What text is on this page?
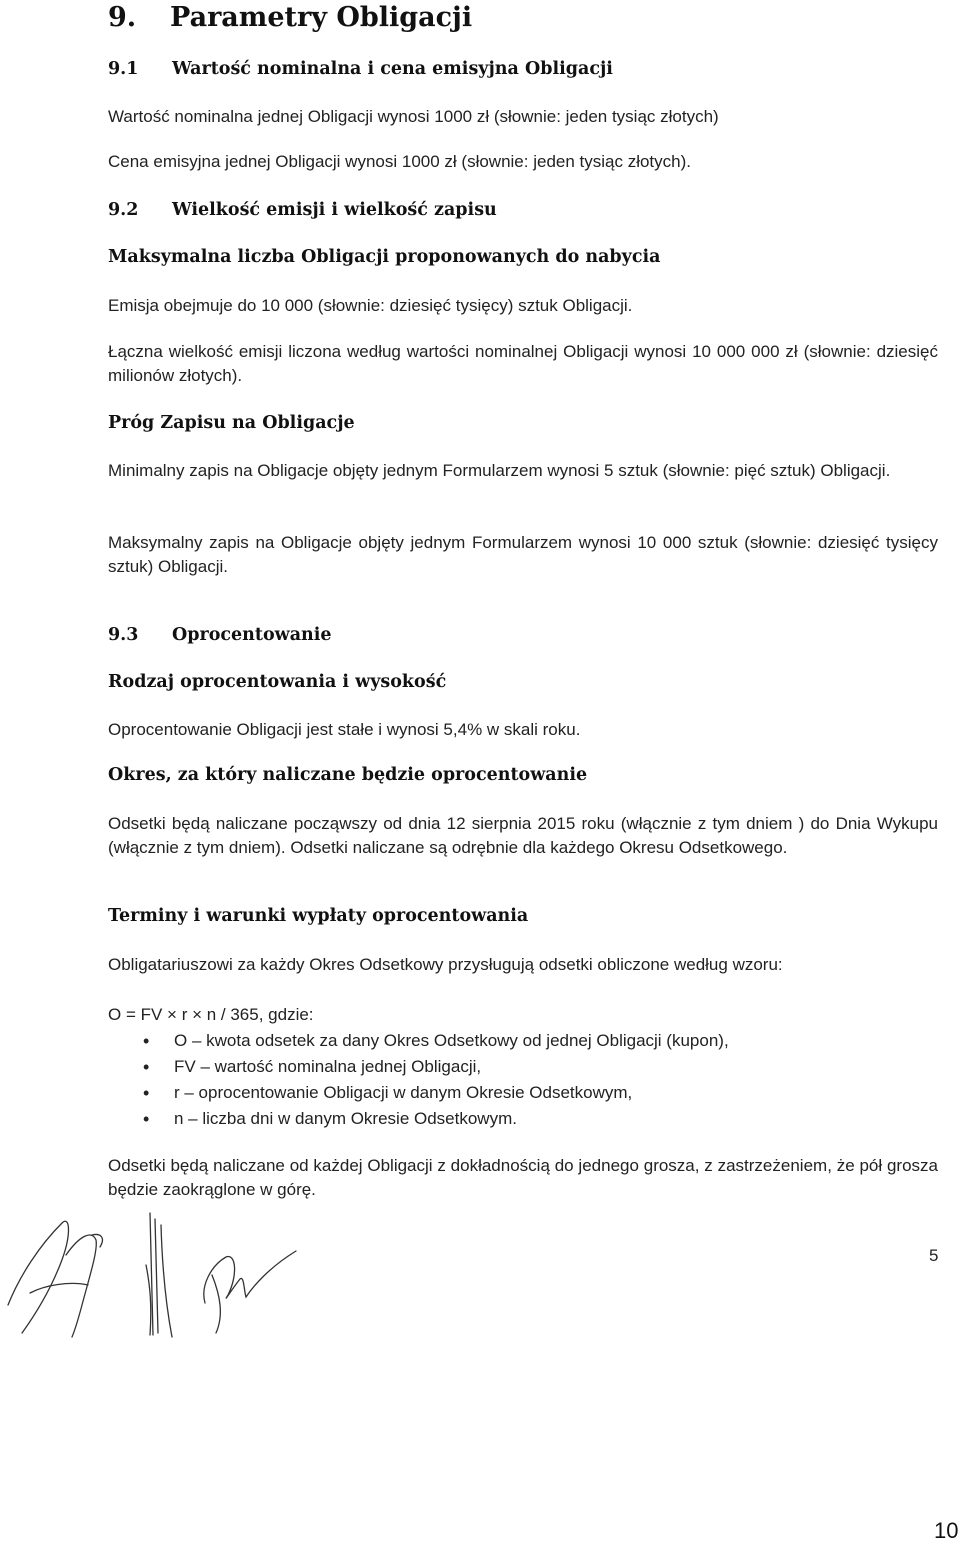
9. Parametry Obligacji
9.1 Wartość nominalna i cena emisyjna Obligacji

Wartość nominalna jednej Obligacji wynosi 1000 zł (słownie: jeden tysiąc złotych)

Cena emisyjna jednej Obligacji wynosi 1000 zł (słownie: jeden tysiąc złotych).

9.2 Wielkość emisji i wielkość zapisu
Maksymalna liczba Obligacji proponowanych do nabycia

Emisja obejmuje do 10 000 (słownie: dziesięć tysięcy) sztuk Obligacji.

Łączna wielkość emisji liczona według wartości nominalnej Obligacji wynosi 10 000 000 zł (słownie: dziesięć milionów złotych).

Próg Zapisu na Obligacje

Minimalny zapis na Obligacje objęty jednym Formularzem wynosi 5 sztuk (słownie: pięć sztuk) Obligacji.

Maksymalny zapis na Obligacje objęty jednym Formularzem wynosi 10 000 sztuk (słownie: dziesięć tysięcy sztuk) Obligacji.

9.3 Oprocentowanie
Rodzaj oprocentowania i wysokość

Oprocentowanie Obligacji jest stałe i wynosi 5,4% w skali roku.

Okres, za który naliczane będzie oprocentowanie

Odsetki będą naliczane począwszy od dnia 12 sierpnia 2015 roku (włącznie z tym dniem ) do Dnia Wykupu (włącznie z tym dniem). Odsetki naliczane są odrębnie dla każdego Okresu Odsetkowego.

Terminy i warunki wypłaty oprocentowania

Obligatariuszowi za każdy Okres Odsetkowy przysługują odsetki obliczone według wzoru:

O = FV × r × n / 365, gdzie:

• O – kwota odsetek za dany Okres Odsetkowy od jednej Obligacji (kupon),
• FV – wartość nominalna jednej Obligacji,
• r – oprocentowanie Obligacji w danym Okresie Odsetkowym,
• n – liczba dni w danym Okresie Odsetkowym.

Odsetki będą naliczane od każdej Obligacji z dokładnością do jednego grosza, z zastrzeżeniem, że pół grosza będzie zaokrąglone w górę.

5
10
